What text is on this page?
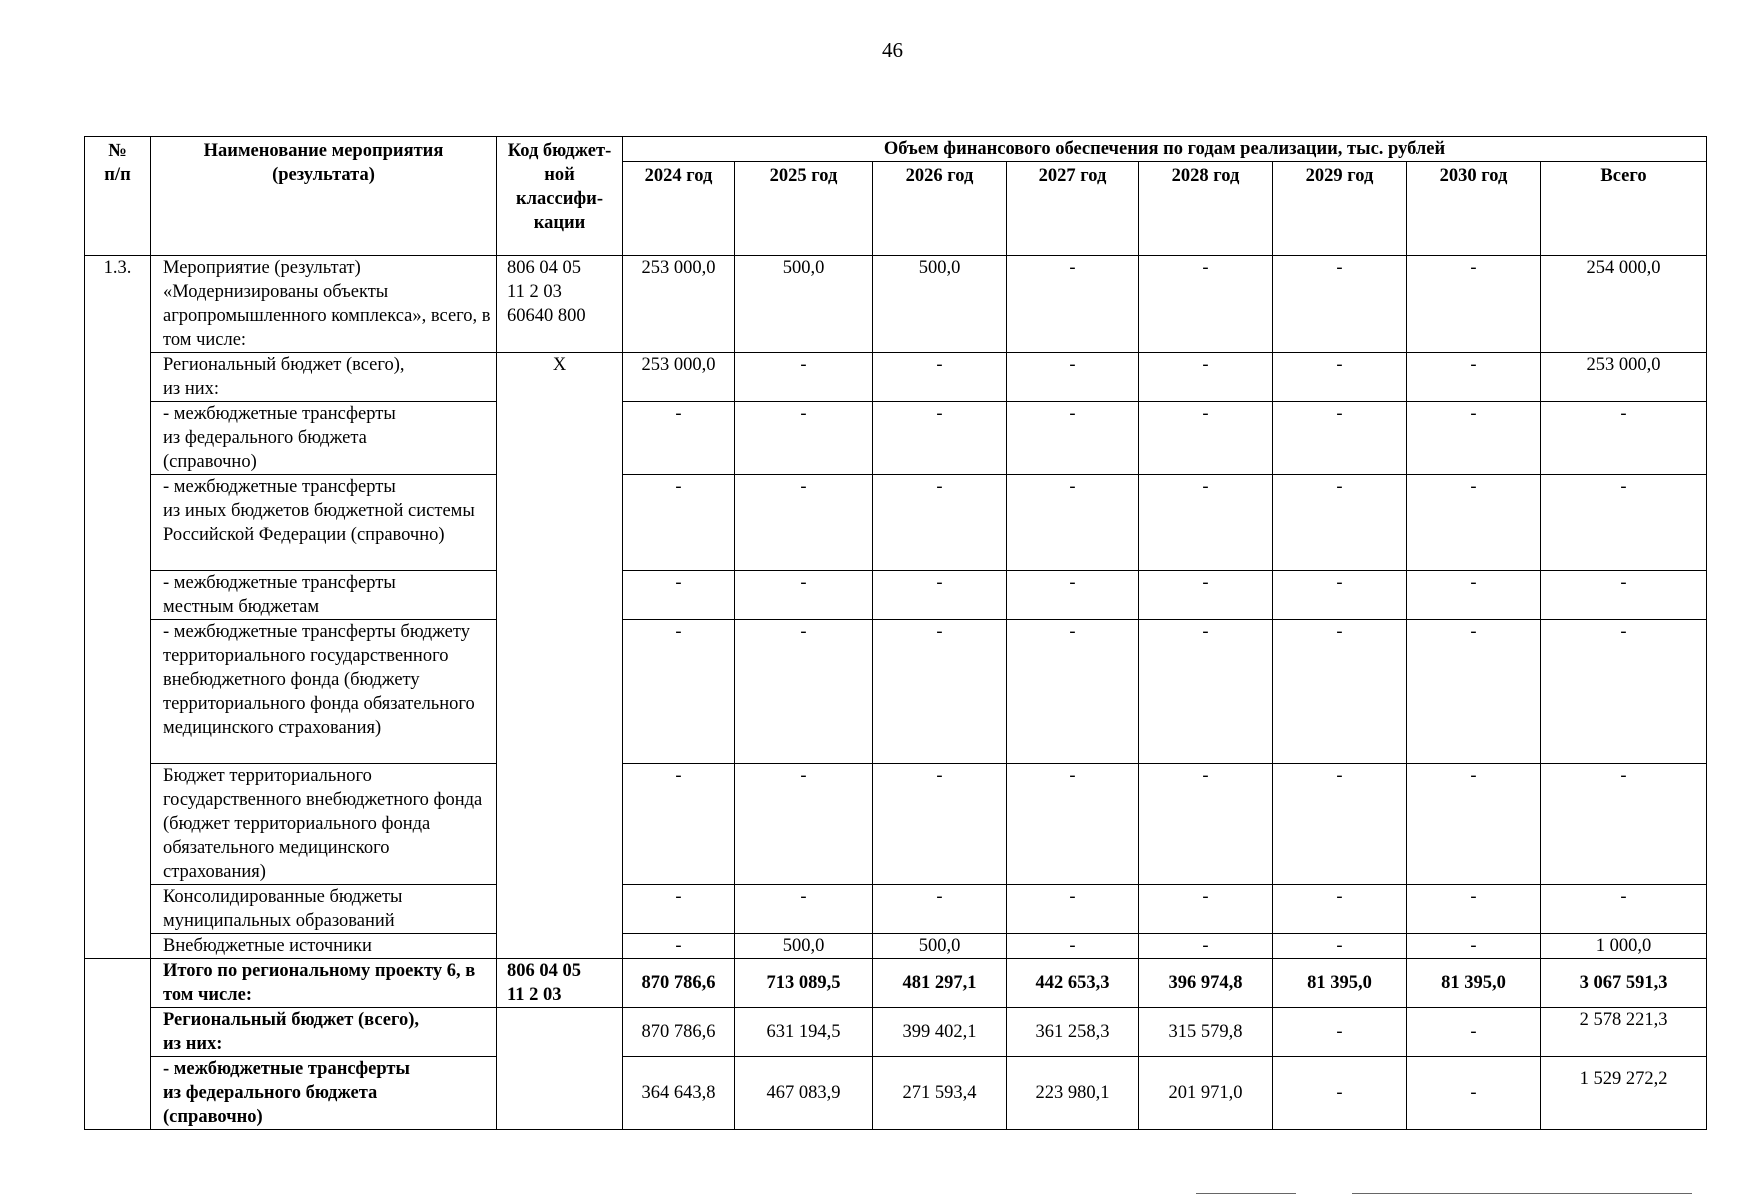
46
№
п/п	Наименование мероприятия (результата)	Код бюджет-ной классифи-кации	Объем финансового обеспечения по годам реализации, тыс. рублей							
			2024 год	2025 год	2026 год	2027 год	2028 год	2029 год	2030 год	Всего
1.3.	Мероприятие (результат) «Модернизированы объекты агропромышленного комплекса», всего, в том числе:	806 04 05
11 2 03
60640 800	253 000,0	500,0	500,0	-	-	-	-	254 000,0
	Региональный бюджет (всего),
из них:	Х	253 000,0	-	-	-	-	-	-	253 000,0
	- межбюджетные трансферты
из федерального бюджета
(справочно)		-	-	-	-	-	-	-	-
	- межбюджетные трансферты
из иных бюджетов бюджетной системы Российской Федерации (справочно)		-	-	-	-	-	-	-	-
	- межбюджетные трансферты
местным бюджетам		-	-	-	-	-	-	-	-
	- межбюджетные трансферты бюджету территориального государственного внебюджетного фонда (бюджету территориального фонда обязательного медицинского страхования)		-	-	-	-	-	-	-	-
	Бюджет территориального государственного внебюджетного фонда (бюджет территориального фонда обязательного медицинского страхования)		-	-	-	-	-	-	-	-
	Консолидированные бюджеты муниципальных образований		-	-	-	-	-	-	-	-
	Внебюджетные источники		-	500,0	500,0	-	-	-	-	1 000,0
	Итого по региональному проекту 6, в том числе:	806 04 05
11 2 03	870 786,6	713 089,5	481 297,1	442 653,3	396 974,8	81 395,0	81 395,0	3 067 591,3
	Региональный бюджет (всего),
из них:		870 786,6	631 194,5	399 402,1	361 258,3	315 579,8	-	-	2 578 221,3
	- межбюджетные трансферты
из федерального бюджета
(справочно)		364 643,8	467 083,9	271 593,4	223 980,1	201 971,0	-	-	1 529 272,2
